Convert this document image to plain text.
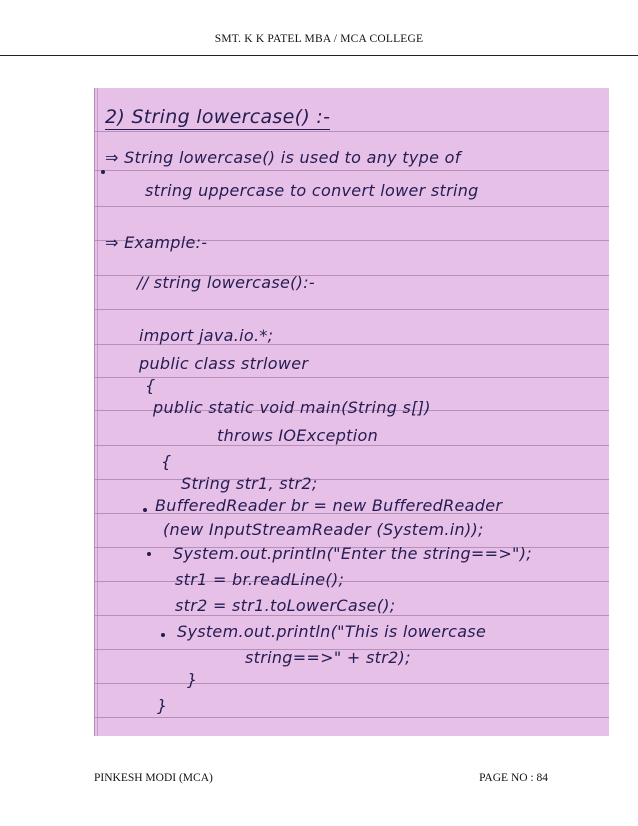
SMT. K K PATEL MBA / MCA COLLEGE
2) String lowercase() :-
⇒ String lowercase() is used to any type of
string uppercase to convert lower string
⇒ Example:-
// string lowercase():-
import java.io.*;
public class strlower
{
public static void main(String s[])
throws IOException
{
String str1, str2;
BufferedReader br = new BufferedReader
(new InputStreamReader (System.in));
System.out.println("Enter the string==>");
str1 = br.readLine();
str2 = str1.toLowerCase();
System.out.println("This is lowercase
string==>" + str2);
}
}
PINKESH MODI (MCA)	PAGE NO : 84
